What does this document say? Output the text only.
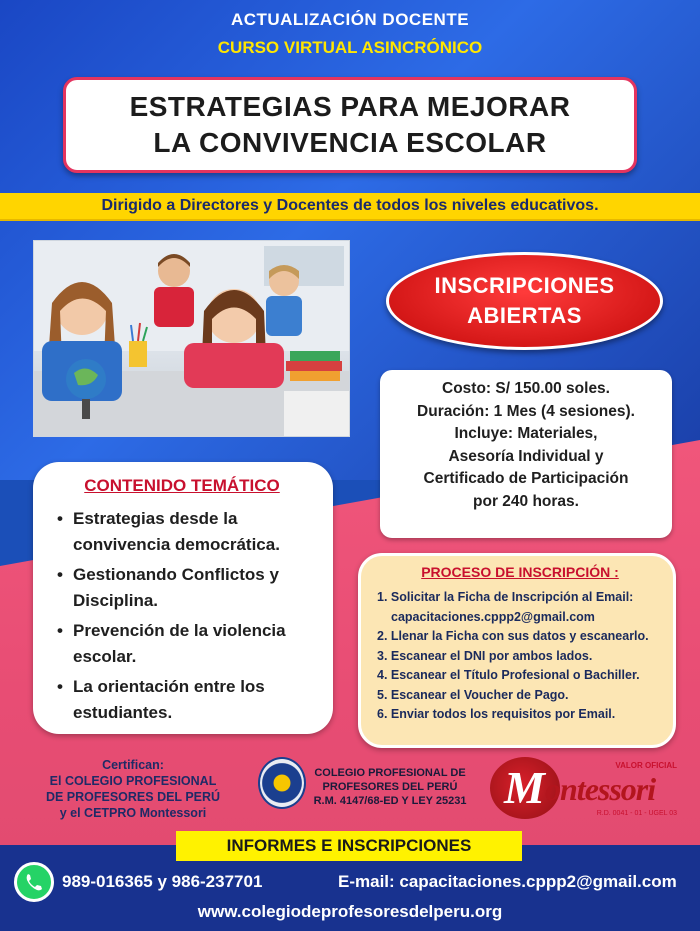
ACTUALIZACIÓN DOCENTE
CURSO VIRTUAL ASINCRÓNICO
ESTRATEGIAS PARA MEJORAR
LA CONVIVENCIA ESCOLAR
Dirigido a Directores y Docentes de todos los niveles educativos.
INSCRIPCIONES
ABIERTAS
Costo: S/ 150.00 soles.
Duración: 1 Mes (4 sesiones).
Incluye: Materiales,
Asesoría Individual y
Certificado de Participación
por 240 horas.
CONTENIDO TEMÁTICO
• Estrategias desde la convivencia democrática.
• Gestionando Conflictos y Disciplina.
• Prevención de la violencia escolar.
• La orientación entre los estudiantes.
PROCESO DE INSCRIPCIÓN :
1. Solicitar la Ficha de Inscripción al Email:
capacitaciones.cppp2@gmail.com
2. Llenar la Ficha con sus datos y escanearlo.
3. Escanear el DNI por ambos lados.
4. Escanear el Título Profesional o Bachiller.
5. Escanear el Voucher de Pago.
6. Enviar todos los requisitos por Email.
Certifican:
El COLEGIO PROFESIONAL
DE PROFESORES DEL PERÚ
y el CETPRO Montessori
COLEGIO PROFESIONAL DE
PROFESORES DEL PERÚ
R.M. 4147/68-ED Y LEY 25231 M ontessori
VALOR OFICIAL
R.D. 0041 - 01 - UGEL 03
INFORMES E INSCRIPCIONES
989-016365 y 986-237701	E-mail: capacitaciones.cppp2@gmail.com
www.colegiodeprofesoresdelperu.org
